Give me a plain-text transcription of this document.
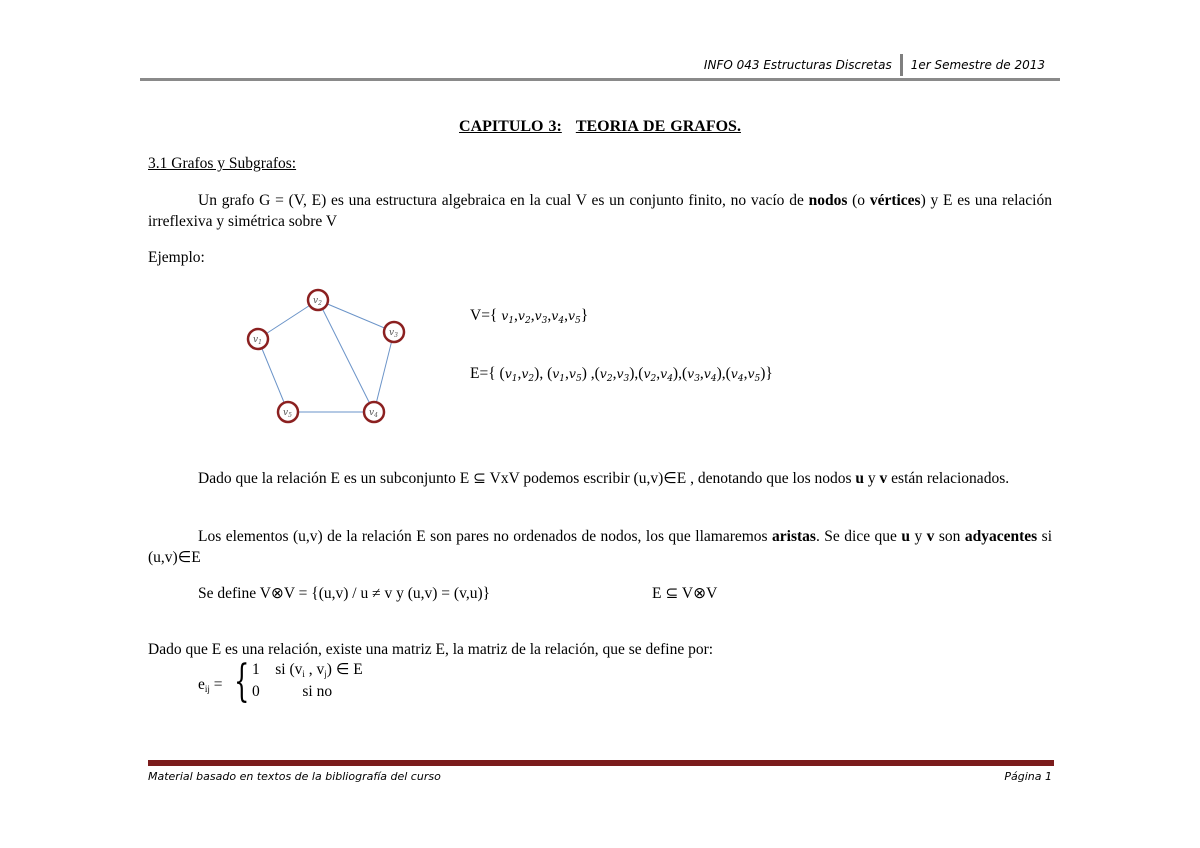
INFO 043 Estructuras Discretas 1er Semestre de 2013
CAPITULO 3: TEORIA DE GRAFOS.
3.1 Grafos y Subgrafos:
Un grafo G = (V, E) es una estructura algebraica en la cual V es un conjunto finito, no vacío de nodos (o vértices) y E es una relación irreflexiva y simétrica sobre V
Ejemplo:
$v_1$
$v_2$
$v_3$
$v_4$
$v_5$
V={ $v_1,v_2,v_3,v_4,v_5$}
E={ $(v_1,v_2)$, $(v_1,v_5)$ $,(v_2,v_3),(v_2,v_4),(v_3,v_4),(v_4,v_5)$}
Dado que la relación E es un subconjunto E ⊆ VxV podemos escribir (u,v)∈E , denotando que los nodos u y v están relacionados.
Los elementos (u,v) de la relación E son pares no ordenados de nodos, los que llamaremos aristas. Se dice que u y v son adyacentes si (u,v)∈E
Se define V⊗V = {(u,v) / u ≠ v y (u,v) = (v,u)}	E ⊆ V⊗V
Dado que E es una relación, existe una matriz E, la matriz de la relación, que se define por:
$e_{ij}$ = { 1    si ($v_i$ , $v_j$) ∈ E
0           si no
Material basado en textos de la bibliografía del curso	Página 1
